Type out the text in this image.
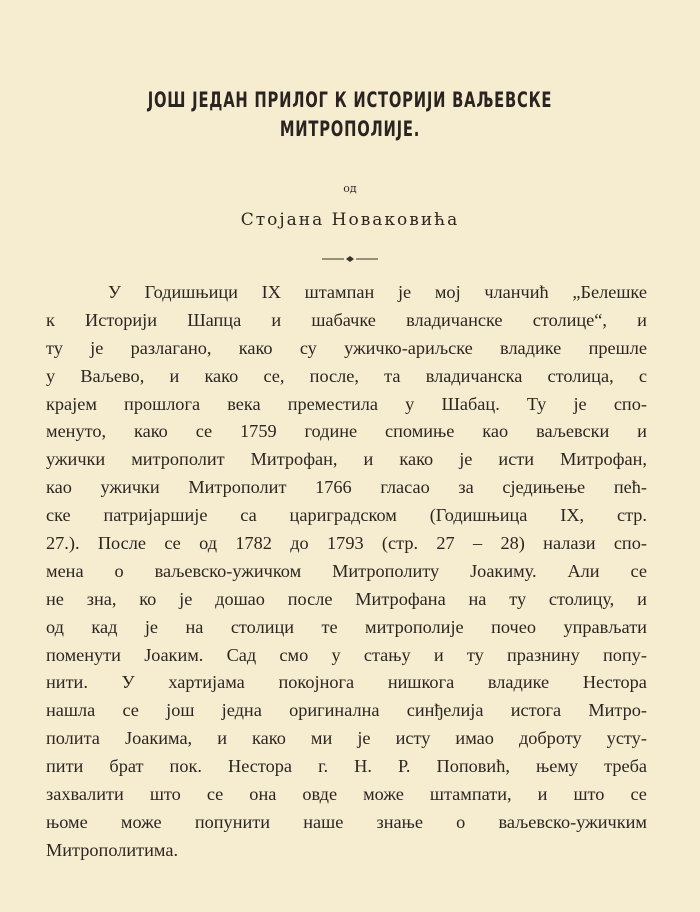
ЈОШ ЈЕДАН ПРИЛОГ К ИСТОРИЈИ ВАЉЕВСКЕ
МИТРОПОЛИЈЕ.
од
Стојана Новаковића
У Годишњици IX штампан је мој чланчић „Белешке
к Историји Шапца и шабачке владичанске столице“, и
ту је разлагано, како су ужичко-ариљске владике прешле
у Ваљево, и како се, после, та владичанска столица, с
крајем прошлога века преместила у Шабац. Ту је спо-
менуто, како се 1759 године спомиње као ваљевски и
ужички митрополит Митрофан, и како је исти Митрофан,
као ужички Митрополит 1766 гласао за сједињење пећ-
ске патријаршије са цариградском (Годишњица IX, стр.
27.). После се од 1782 до 1793 (стр. 27 – 28) налази спо-
мена о ваљевско-ужичком Митрополиту Јоакиму. Али се
не зна, ко је дошао после Митрофана на ту столицу, и
од кад је на столици те митрополије почео управљати
поменути Јоаким. Сад смо у стању и ту празнину попу-
нити. У хартијама покојнога нишкога владике Нестора
нашла се још једна оригинална синђелија истога Митро-
полита Јоакима, и како ми је исту имао доброту усту-
пити брат пок. Нестора г. Н. Р. Поповић, њему треба
захвалити што се она овде може штампати, и што се
њоме може попунити наше знање о ваљевско-ужичким
Митрополитима.
